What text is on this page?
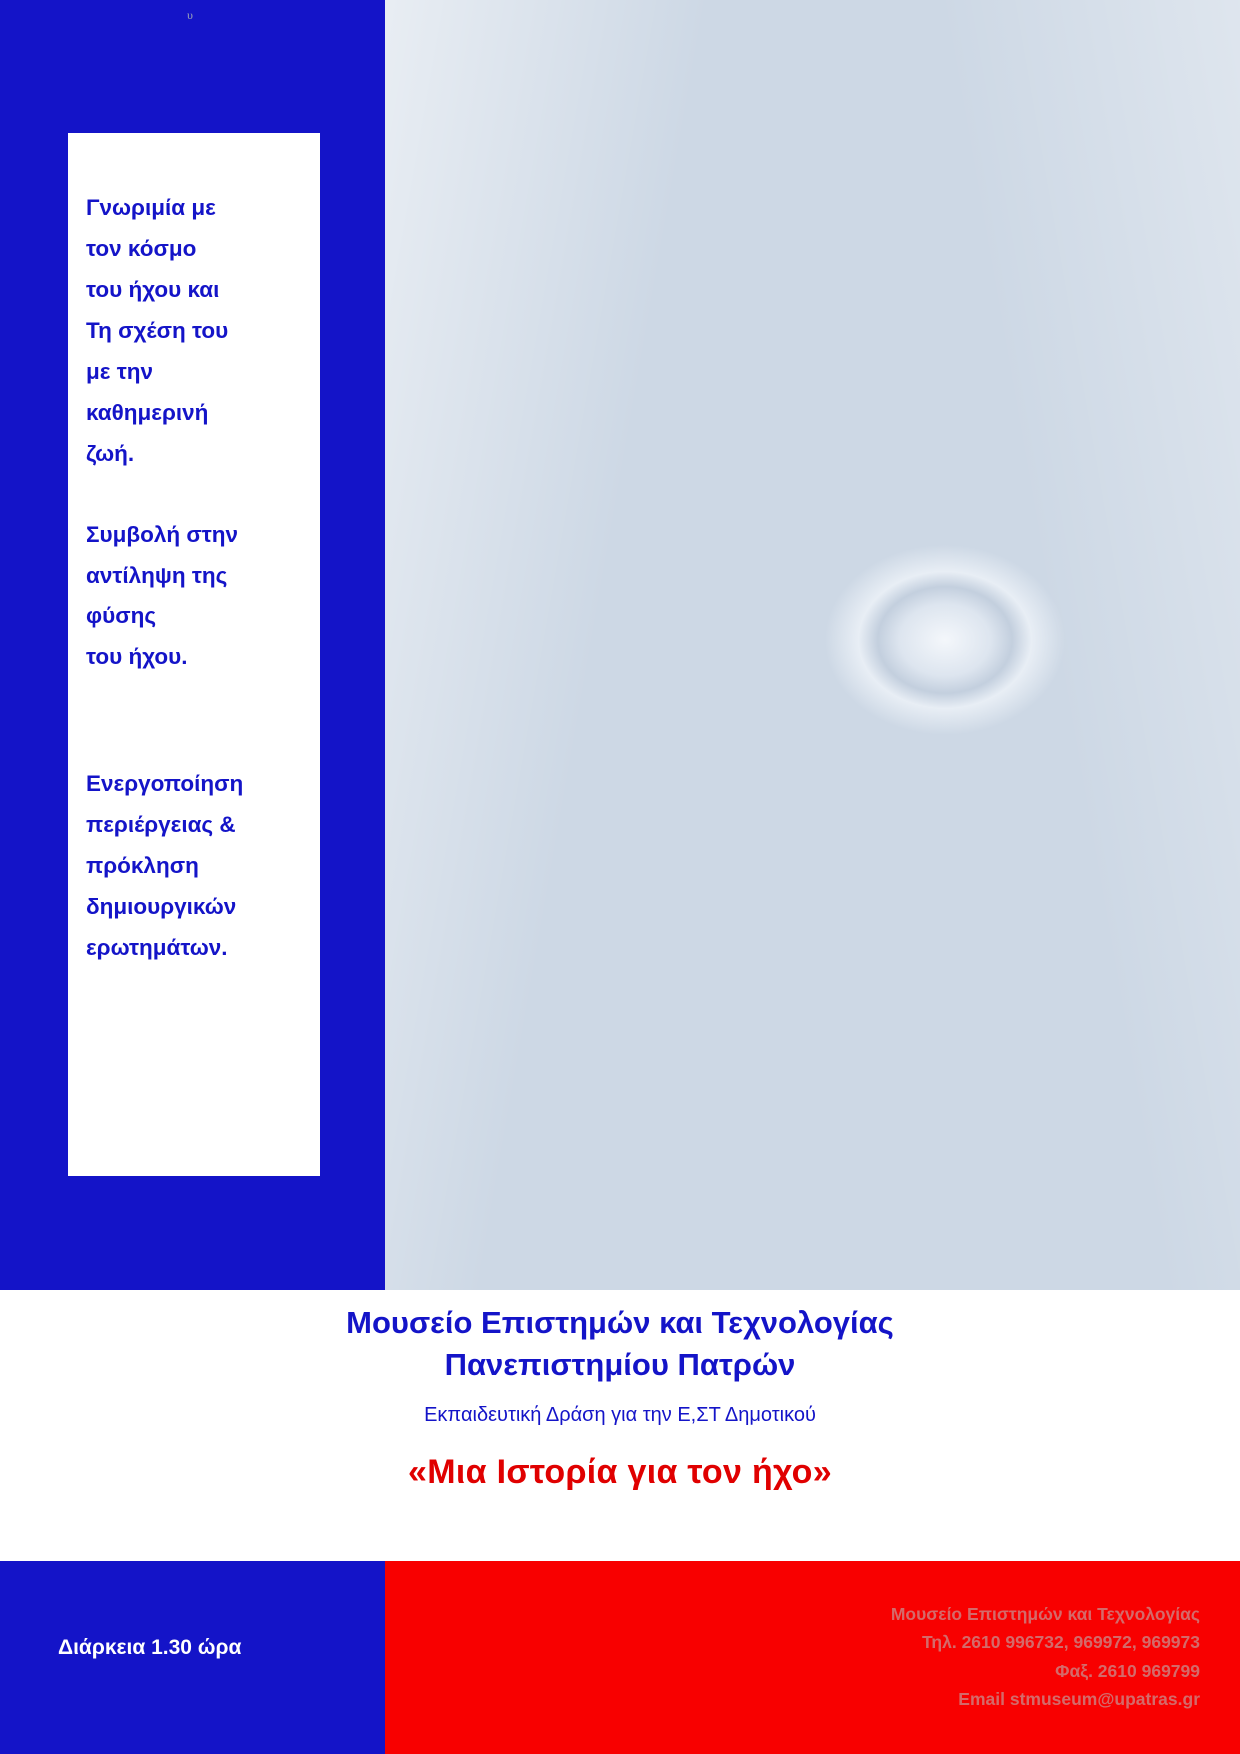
υ

Γνωριμία με
τον κόσμο
του ήχου και
Τη σχέση του
με την
καθημερινή
ζωή.

Συμβολή στην
αντίληψη της
φύσης
του ήχου.

Ενεργοποίηση
περιέργειας &
πρόκληση
δημιουργικών
ερωτημάτων.

Μουσείο Επιστημών και Τεχνολογίας
Πανεπιστημίου Πατρών

Εκπαιδευτική Δράση για την Ε,ΣΤ Δημοτικού

«Μια Ιστορία για τον ήχο»

Διάρκεια 1.30 ώρα
Μουσείο Επιστημών και Τεχνολογίας
Τηλ. 2610 996732, 969972, 969973
Φαξ. 2610 969799
Email stmuseum@upatras.gr
